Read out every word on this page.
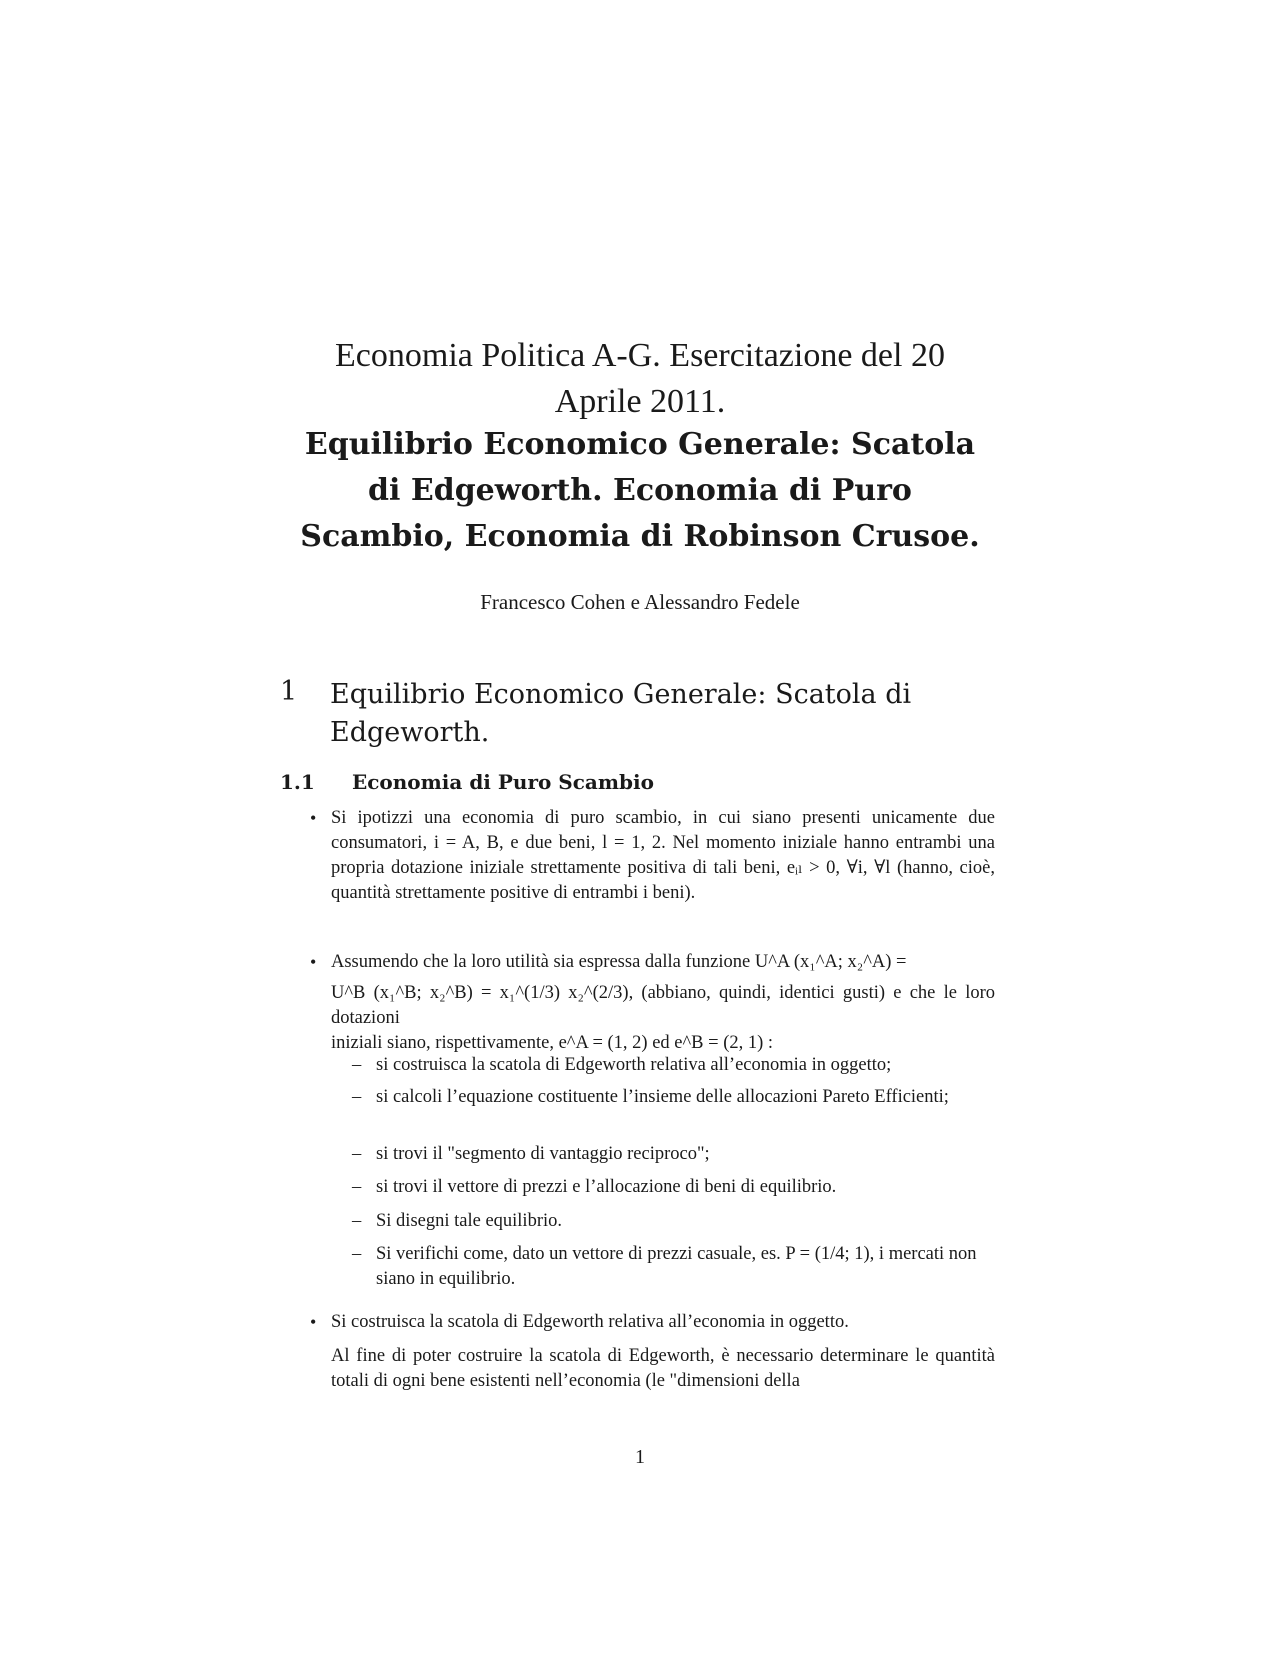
Economia Politica A-G. Esercitazione del 20
Aprile 2011.
Equilibrio Economico Generale: Scatola
di Edgeworth. Economia di Puro
Scambio, Economia di Robinson Crusoe.
Francesco Cohen e Alessandro Fedele
1 Equilibrio Economico Generale: Scatola di Edgeworth.
1.1 Economia di Puro Scambio
• Si ipotizzi una economia di puro scambio, in cui siano presenti unicamente due consumatori, i = A, B, e due beni, l = 1, 2. Nel momento iniziale hanno entrambi una propria dotazione iniziale strettamente positiva di tali beni, eᵢₗ > 0, ∀i, ∀l (hanno, cioè, quantità strettamente positive di entrambi i beni).
• Assumendo che la loro utilità sia espressa dalla funzione U^A (x₁^A; x₂^A) =
U^B (x₁^B; x₂^B) = x₁^(1/3) x₂^(2/3), (abbiano, quindi, identici gusti) e che le loro dotazioni
iniziali siano, rispettivamente, e^A = (1, 2) ed e^B = (2, 1) :
– si costruisca la scatola di Edgeworth relativa all’economia in oggetto;
– si calcoli l’equazione costituente l’insieme delle allocazioni Pareto Efficienti;
– si trovi il "segmento di vantaggio reciproco";
– si trovi il vettore di prezzi e l’allocazione di beni di equilibrio.
– Si disegni tale equilibrio.
– Si verifichi come, dato un vettore di prezzi casuale, es. P = (1/4; 1), i mercati non siano in equilibrio.
• Si costruisca la scatola di Edgeworth relativa all’economia in oggetto.
Al fine di poter costruire la scatola di Edgeworth, è necessario determinare le quantità totali di ogni bene esistenti nell’economia (le "dimensioni della
1
